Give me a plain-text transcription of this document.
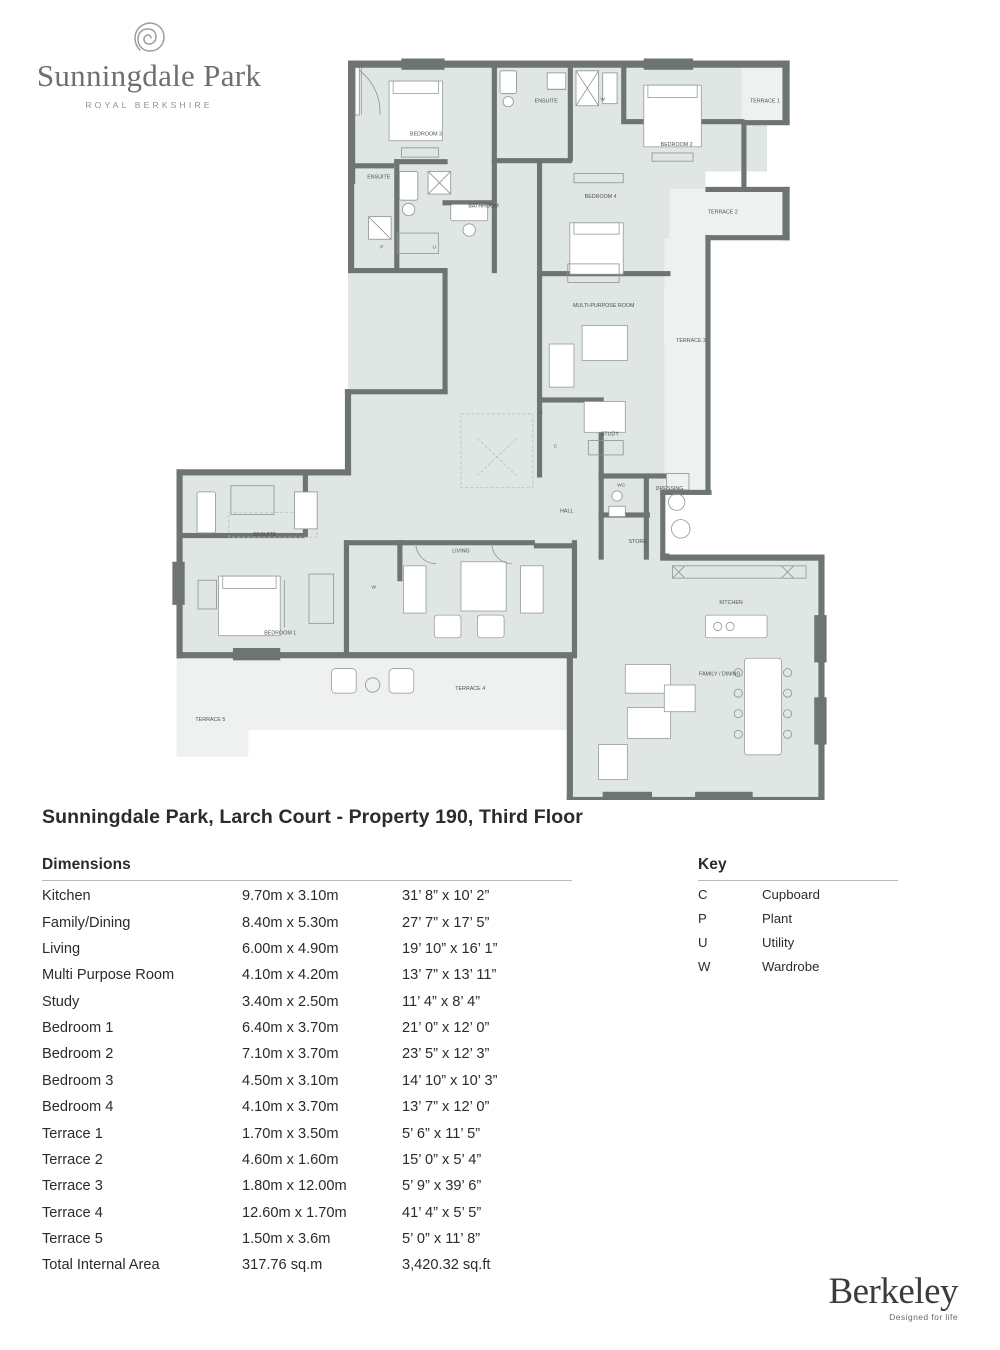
Sunningdale Park
ROYAL BERKSHIRE
BEDROOM 3
BEDROOM 2
ENSUITE
ENSUITE
BATHROOM
BEDROOM 4
TERRACE 1
TERRACE 2
TERRACE 3
MULTI-PURPOSE ROOM
STUDY
WC
STORE
DRESSING
HALL
ENSUITE
BEDROOM 1
LIVING
KITCHEN
FAMILY / DINING
TERRACE 4
TERRACE 5
P	U
W
W
C
C
Sunningdale Park, Larch Court - Property 190, Third Floor
Dimensions
Kitchen	9.70m x 3.10m	31’ 8” x 10’ 2”
Family/Dining	8.40m x 5.30m	27’ 7” x 17’ 5”
Living	6.00m x 4.90m	19’ 10” x 16’ 1”
Multi Purpose Room	4.10m x 4.20m	13’ 7” x 13’ 11”
Study	3.40m x 2.50m	11’ 4” x 8’ 4”
Bedroom 1	6.40m x 3.70m	21’ 0” x 12’ 0”
Bedroom 2	7.10m x 3.70m	23’ 5” x 12’ 3”
Bedroom 3	4.50m x 3.10m	14’ 10” x 10’ 3”
Bedroom 4	4.10m x 3.70m	13’ 7” x 12’ 0”
Terrace 1	1.70m x 3.50m	5’ 6” x 11’ 5”
Terrace 2	4.60m x 1.60m	15’ 0” x 5’ 4”
Terrace 3	1.80m x 12.00m	5’ 9” x 39’ 6”
Terrace 4	12.60m x 1.70m	41’ 4” x 5’ 5”
Terrace 5	1.50m x 3.6m	5’ 0” x 11’ 8”
Total Internal Area	317.76 sq.m	3,420.32 sq.ft
Key
C	Cupboard
P	Plant
U	Utility
W	Wardrobe
Berkeley
Designed for life
